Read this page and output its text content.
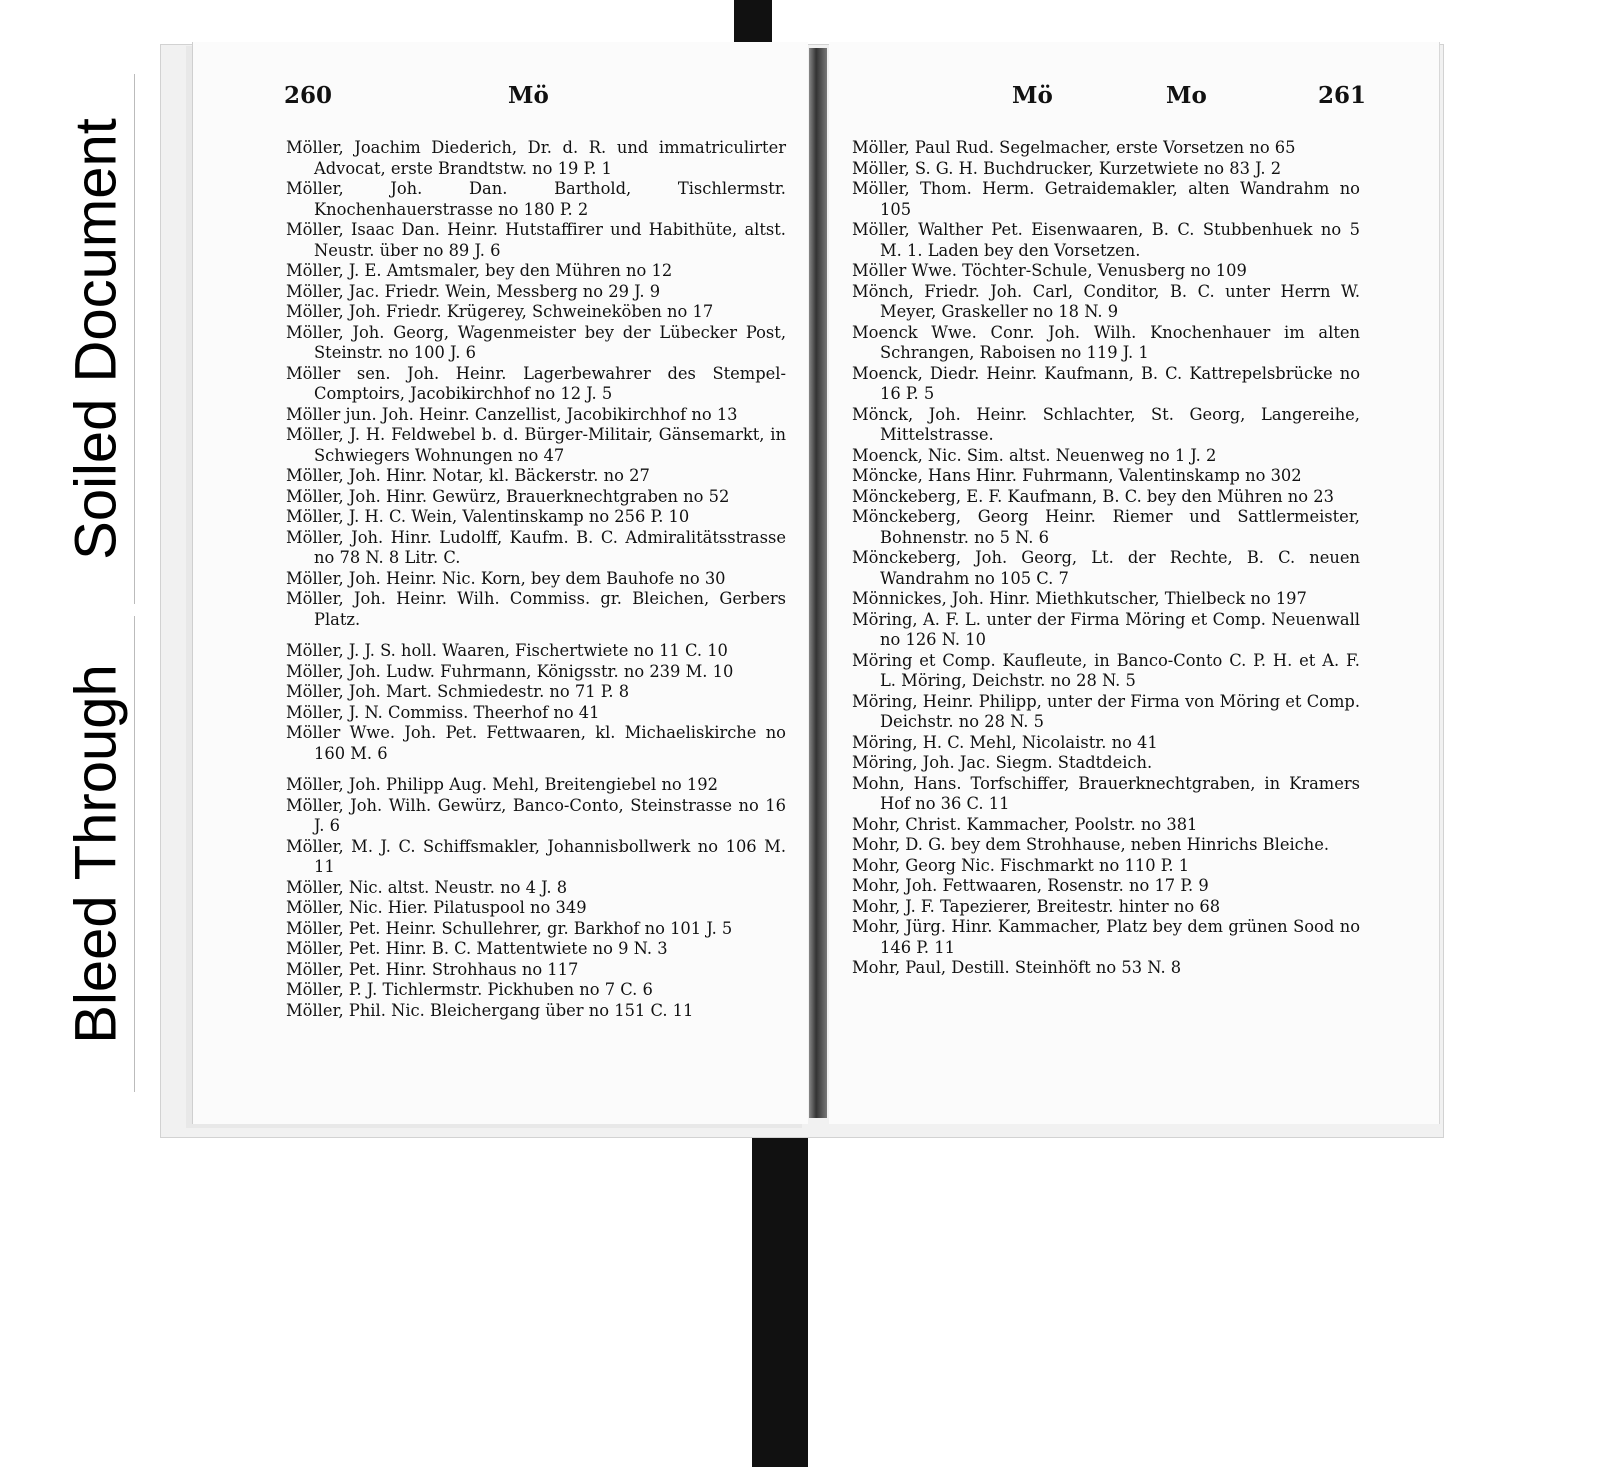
Bleed Through
Soiled Document
260	Mö	Mö	Mo	261

Möller, Joachim Diederich, Dr. d. R. und immatriculirter Advocat, erste Brandtstw. no 19 P. 1

Möller, Joh. Dan. Barthold, Tischlermstr. Knochenhauerstrasse no 180 P. 2

Möller, Isaac Dan. Heinr. Hutstaffirer und Habithüte, altst. Neustr. über no 89 J. 6

Möller, J. E. Amtsmaler, bey den Mühren no 12

Möller, Jac. Friedr. Wein, Messberg no 29 J. 9

Möller, Joh. Friedr. Krügerey, Schweineköben no 17

Möller, Joh. Georg, Wagenmeister bey der Lübecker Post, Steinstr. no 100 J. 6

Möller sen. Joh. Heinr. Lagerbewahrer des Stempel-Comptoirs, Jacobikirchhof no 12 J. 5

Möller jun. Joh. Heinr. Canzellist, Jacobikirchhof no 13

Möller, J. H. Feldwebel b. d. Bürger-Militair, Gänsemarkt, in Schwiegers Wohnungen no 47

Möller, Joh. Hinr. Notar, kl. Bäckerstr. no 27

Möller, Joh. Hinr. Gewürz, Brauerknechtgraben no 52

Möller, J. H. C. Wein, Valentinskamp no 256 P. 10

Möller, Joh. Hinr. Ludolff, Kaufm. B. C. Admiralitätsstrasse no 78 N. 8 Litr. C.

Möller, Joh. Heinr. Nic. Korn, bey dem Bauhofe no 30

Möller, Joh. Heinr. Wilh. Commiss. gr. Bleichen, Gerbers Platz.

Möller, J. J. S. holl. Waaren, Fischertwiete no 11 C. 10

Möller, Joh. Ludw. Fuhrmann, Königsstr. no 239 M. 10

Möller, Joh. Mart. Schmiedestr. no 71 P. 8

Möller, J. N. Commiss. Theerhof no 41

Möller Wwe. Joh. Pet. Fettwaaren, kl. Michaeliskirche no 160 M. 6

Möller, Joh. Philipp Aug. Mehl, Breitengiebel no 192

Möller, Joh. Wilh. Gewürz, Banco-Conto, Steinstrasse no 16 J. 6

Möller, M. J. C. Schiffsmakler, Johannisbollwerk no 106 M. 11

Möller, Nic. altst. Neustr. no 4 J. 8

Möller, Nic. Hier. Pilatuspool no 349

Möller, Pet. Heinr. Schullehrer, gr. Barkhof no 101 J. 5

Möller, Pet. Hinr. B. C. Mattentwiete no 9 N. 3

Möller, Pet. Hinr. Strohhaus no 117

Möller, P. J. Tichlermstr. Pickhuben no 7 C. 6

Möller, Phil. Nic. Bleichergang über no 151 C. 11

Möller, Paul Rud. Segelmacher, erste Vorsetzen no 65

Möller, S. G. H. Buchdrucker, Kurzetwiete no 83 J. 2

Möller, Thom. Herm. Getraidemakler, alten Wandrahm no 105

Möller, Walther Pet. Eisenwaaren, B. C. Stubbenhuek no 5 M. 1. Laden bey den Vorsetzen.

Möller Wwe. Töchter-Schule, Venusberg no 109

Mönch, Friedr. Joh. Carl, Conditor, B. C. unter Herrn W. Meyer, Graskeller no 18 N. 9

Moenck Wwe. Conr. Joh. Wilh. Knochenhauer im alten Schrangen, Raboisen no 119 J. 1

Moenck, Diedr. Heinr. Kaufmann, B. C. Kattrepelsbrücke no 16 P. 5

Mönck, Joh. Heinr. Schlachter, St. Georg, Langereihe, Mittelstrasse.

Moenck, Nic. Sim. altst. Neuenweg no 1 J. 2

Möncke, Hans Hinr. Fuhrmann, Valentinskamp no 302

Mönckeberg, E. F. Kaufmann, B. C. bey den Mühren no 23

Mönckeberg, Georg Heinr. Riemer und Sattlermeister, Bohnenstr. no 5 N. 6

Mönckeberg, Joh. Georg, Lt. der Rechte, B. C. neuen Wandrahm no 105 C. 7

Mönnickes, Joh. Hinr. Miethkutscher, Thielbeck no 197

Möring, A. F. L. unter der Firma Möring et Comp. Neuenwall no 126 N. 10

Möring et Comp. Kaufleute, in Banco-Conto C. P. H. et A. F. L. Möring, Deichstr. no 28 N. 5

Möring, Heinr. Philipp, unter der Firma von Möring et Comp. Deichstr. no 28 N. 5

Möring, H. C. Mehl, Nicolaistr. no 41

Möring, Joh. Jac. Siegm. Stadtdeich.

Mohn, Hans. Torfschiffer, Brauerknechtgraben, in Kramers Hof no 36 C. 11

Mohr, Christ. Kammacher, Poolstr. no 381

Mohr, D. G. bey dem Strohhause, neben Hinrichs Bleiche.

Mohr, Georg Nic. Fischmarkt no 110 P. 1

Mohr, Joh. Fettwaaren, Rosenstr. no 17 P. 9

Mohr, J. F. Tapezierer, Breitestr. hinter no 68

Mohr, Jürg. Hinr. Kammacher, Platz bey dem grünen Sood no 146 P. 11

Mohr, Paul, Destill. Steinhöft no 53 N. 8
